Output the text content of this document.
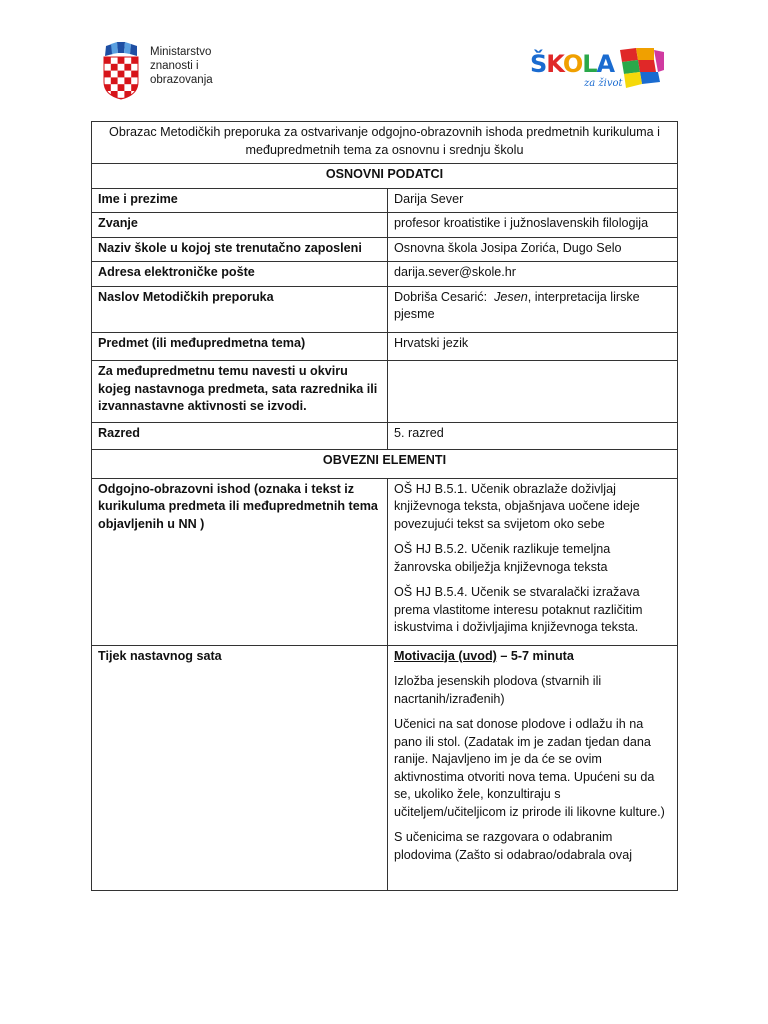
Ministarstvo
znanosti i
obrazovanja
ŠKOLA
za život
Obrazac Metodičkih preporuka za ostvarivanje odgojno-obrazovnih ishoda predmetnih kurikuluma i međupredmetnih tema za osnovnu i srednju školu	
OSNOVNI PODATCI	
Ime i prezime	Darija Sever
Zvanje	profesor kroatistike i južnoslavenskih filologija
Naziv škole u kojoj ste trenutačno zaposleni	Osnovna škola Josipa Zorića, Dugo Selo
Adresa elektroničke pošte	darija.sever@skole.hr
Naslov Metodičkih preporuka	Dobriša Cesarić: Jesen, interpretacija lirske pjesme
Predmet (ili međupredmetna tema)	Hrvatski jezik
Za međupredmetnu temu navesti u okviru kojeg nastavnoga predmeta, sata razrednika ili izvannastavne aktivnosti se izvodi.	
Razred	5. razred
OBVEZNI ELEMENTI	
Odgojno-obrazovni ishod (oznaka i tekst iz kurikuluma predmeta ili međupredmetnih tema objavljenih u NN )	OŠ HJ B.5.1. Učenik obrazlaže doživljaj književnoga teksta, objašnjava uočene ideje povezujući tekst sa svijetom oko sebe

OŠ HJ B.5.2. Učenik razlikuje temeljna žanrovska obilježja književnoga teksta

OŠ HJ B.5.4. Učenik se stvaralački izražava prema vlastitome interesu potaknut različitim iskustvima i doživljajima književnoga teksta.

Tijek nastavnog sata	Motivacija (uvod) – 5-7 minuta

Izložba jesenskih plodova (stvarnih ili nacrtanih/izrađenih)

Učenici na sat donose plodove i odlažu ih na pano ili stol. (Zadatak im je zadan tjedan dana ranije. Najavljeno im je da će se ovim aktivnostima otvoriti nova tema. Upućeni su da se, ukoliko žele, konzultiraju s učiteljem/učiteljicom iz prirode ili likovne kulture.)

S učenicima se razgovara o odabranim plodovima (Zašto si odabrao/odabrala ovaj
